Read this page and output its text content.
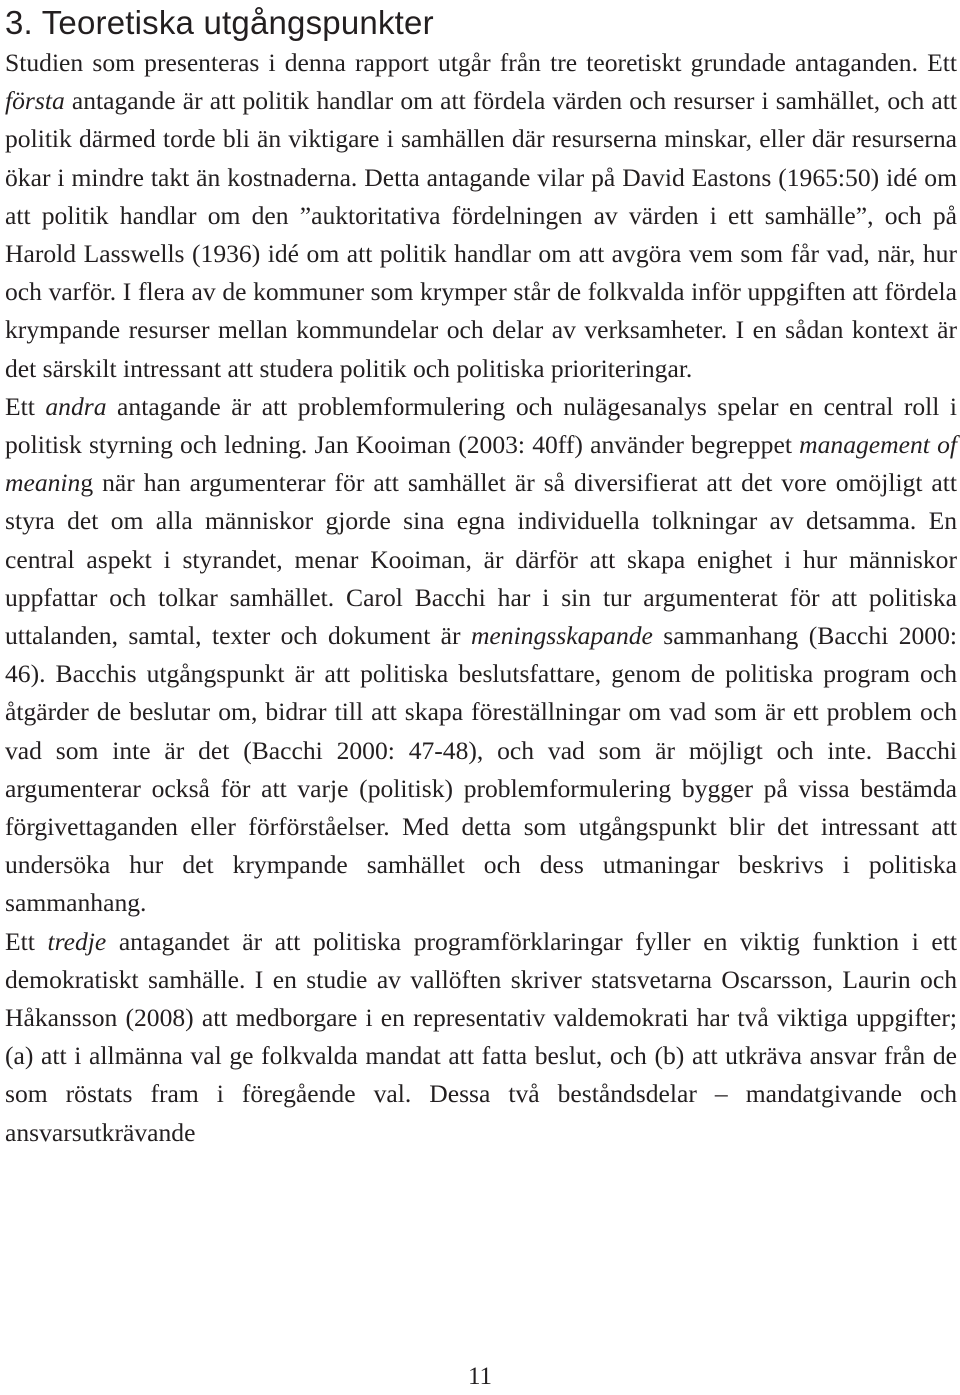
3. Teoretiska utgångspunkter

Studien som presenteras i denna rapport utgår från tre teoretiskt grundade antaganden. Ett första antagande är att politik handlar om att fördela värden och resurser i samhället, och att politik därmed torde bli än viktigare i samhällen där resurserna minskar, eller där resurserna ökar i mindre takt än kostnaderna. Detta antagande vilar på David Eastons (1965:50) idé om att politik handlar om den ”auktoritativa fördelningen av värden i ett samhälle”, och på Harold Lasswells (1936) idé om att politik handlar om att avgöra vem som får vad, när, hur och varför. I flera av de kommuner som krymper står de folkvalda inför uppgiften att fördela krympande resurser mellan kommundelar och delar av verksamheter. I en sådan kontext är det särskilt intressant att studera politik och politiska prioriteringar.

Ett andra antagande är att problemformulering och nulägesanalys spelar en central roll i politisk styrning och ledning. Jan Kooiman (2003: 40ff) använder begreppet management of meaning när han argumenterar för att samhället är så diversifierat att det vore omöjligt att styra det om alla människor gjorde sina egna individuella tolkningar av detsamma. En central aspekt i styrandet, menar Kooiman, är därför att skapa enighet i hur människor uppfattar och tolkar samhället. Carol Bacchi har i sin tur argumenterat för att politiska uttalanden, samtal, texter och dokument är meningsskapande sammanhang (Bacchi 2000: 46). Bacchis utgångspunkt är att politiska beslutsfattare, genom de politiska program och åtgärder de beslutar om, bidrar till att skapa föreställningar om vad som är ett problem och vad som inte är det (Bacchi 2000: 47-48), och vad som är möjligt och inte. Bacchi argumenterar också för att varje (politisk) problemformulering bygger på vissa bestämda förgivettaganden eller förförståelser. Med detta som utgångspunkt blir det intressant att undersöka hur det krympande samhället och dess utmaningar beskrivs i politiska sammanhang.

Ett tredje antagandet är att politiska programförklaringar fyller en viktig funktion i ett demokratiskt samhälle. I en studie av vallöften skriver statsvetarna Oscarsson, Laurin och Håkansson (2008) att medborgare i en representativ valdemokrati har två viktiga uppgifter; (a) att i allmänna val ge folkvalda mandat att fatta beslut, och (b) att utkräva ansvar från de som röstats fram i föregående val. Dessa två beståndsdelar – mandatgivande och ansvarsutkrävande

11
